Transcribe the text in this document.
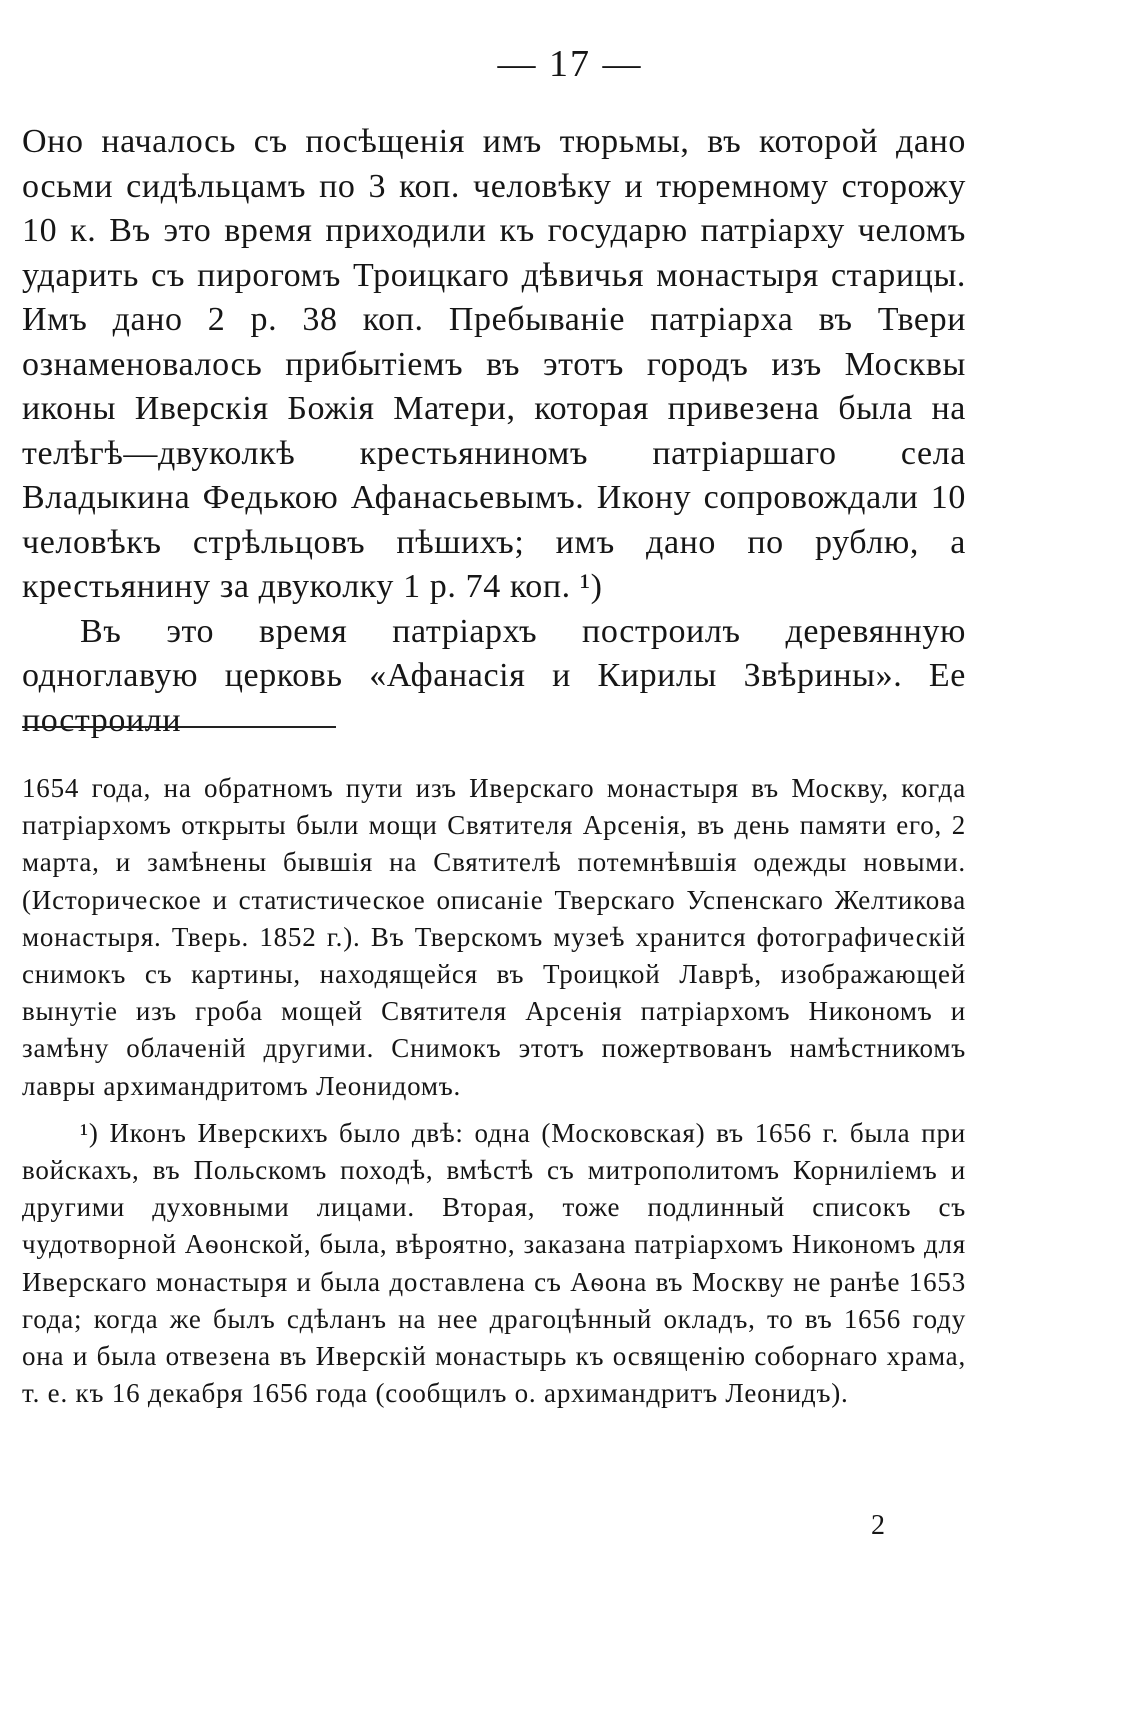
— 17 —

Оно началось съ посѣщенія имъ тюрьмы, въ которой дано осьми сидѣльцамъ по 3 коп. человѣку и тюремному сторожу 10 к. Въ это время приходили къ государю патріарху челомъ ударить съ пирогомъ Троицкаго дѣвичья монастыря старицы. Имъ дано 2 р. 38 коп. Пребываніе патріарха въ Твери ознаменовалось прибытіемъ въ этотъ городъ изъ Москвы иконы Иверскія Божія Матери, которая привезена была на телѣгѣ—двуколкѣ крестьяниномъ патріаршаго села Владыкина Федькою Афанасьевымъ. Икону сопровождали 10 человѣкъ стрѣльцовъ пѣшихъ; имъ дано по рублю, а крестьянину за двуколку 1 р. 74 коп. ¹)

Въ это время патріархъ построилъ деревянную одноглавую церковь «Афанасія и Кирилы Звѣрины». Ее построили

1654 года, на обратномъ пути изъ Иверскаго монастыря въ Москву, когда патріархомъ открыты были мощи Святителя Арсенія, въ день памяти его, 2 марта, и замѣнены бывшія на Святителѣ потемнѣвшія одежды новыми. (Историческое и статистическое описаніе Тверскаго Успенскаго Желтикова монастыря. Тверь. 1852 г.). Въ Тверскомъ музеѣ хранится фотографическій снимокъ съ картины, находящейся въ Троицкой Лаврѣ, изображающей вынутіе изъ гроба мощей Святителя Арсенія патріархомъ Никономъ и замѣну облаченій другими. Снимокъ этотъ пожертвованъ намѣстникомъ лавры архимандритомъ Леонидомъ.

¹) Иконъ Иверскихъ было двѣ: одна (Московская) въ 1656 г. была при войскахъ, въ Польскомъ походѣ, вмѣстѣ съ митрополитомъ Корниліемъ и другими духовными лицами. Вторая, тоже подлинный списокъ съ чудотворной Аѳонской, была, вѣроятно, заказана патріархомъ Никономъ для Иверскаго монастыря и была доставлена съ Аѳона въ Москву не ранѣе 1653 года; когда же былъ сдѣланъ на нее драгоцѣнный окладъ, то въ 1656 году она и была отвезена въ Иверскій монастырь къ освященію соборнаго храма, т. е. къ 16 декабря 1656 года (сообщилъ о. архимандритъ Леонидъ).

2
